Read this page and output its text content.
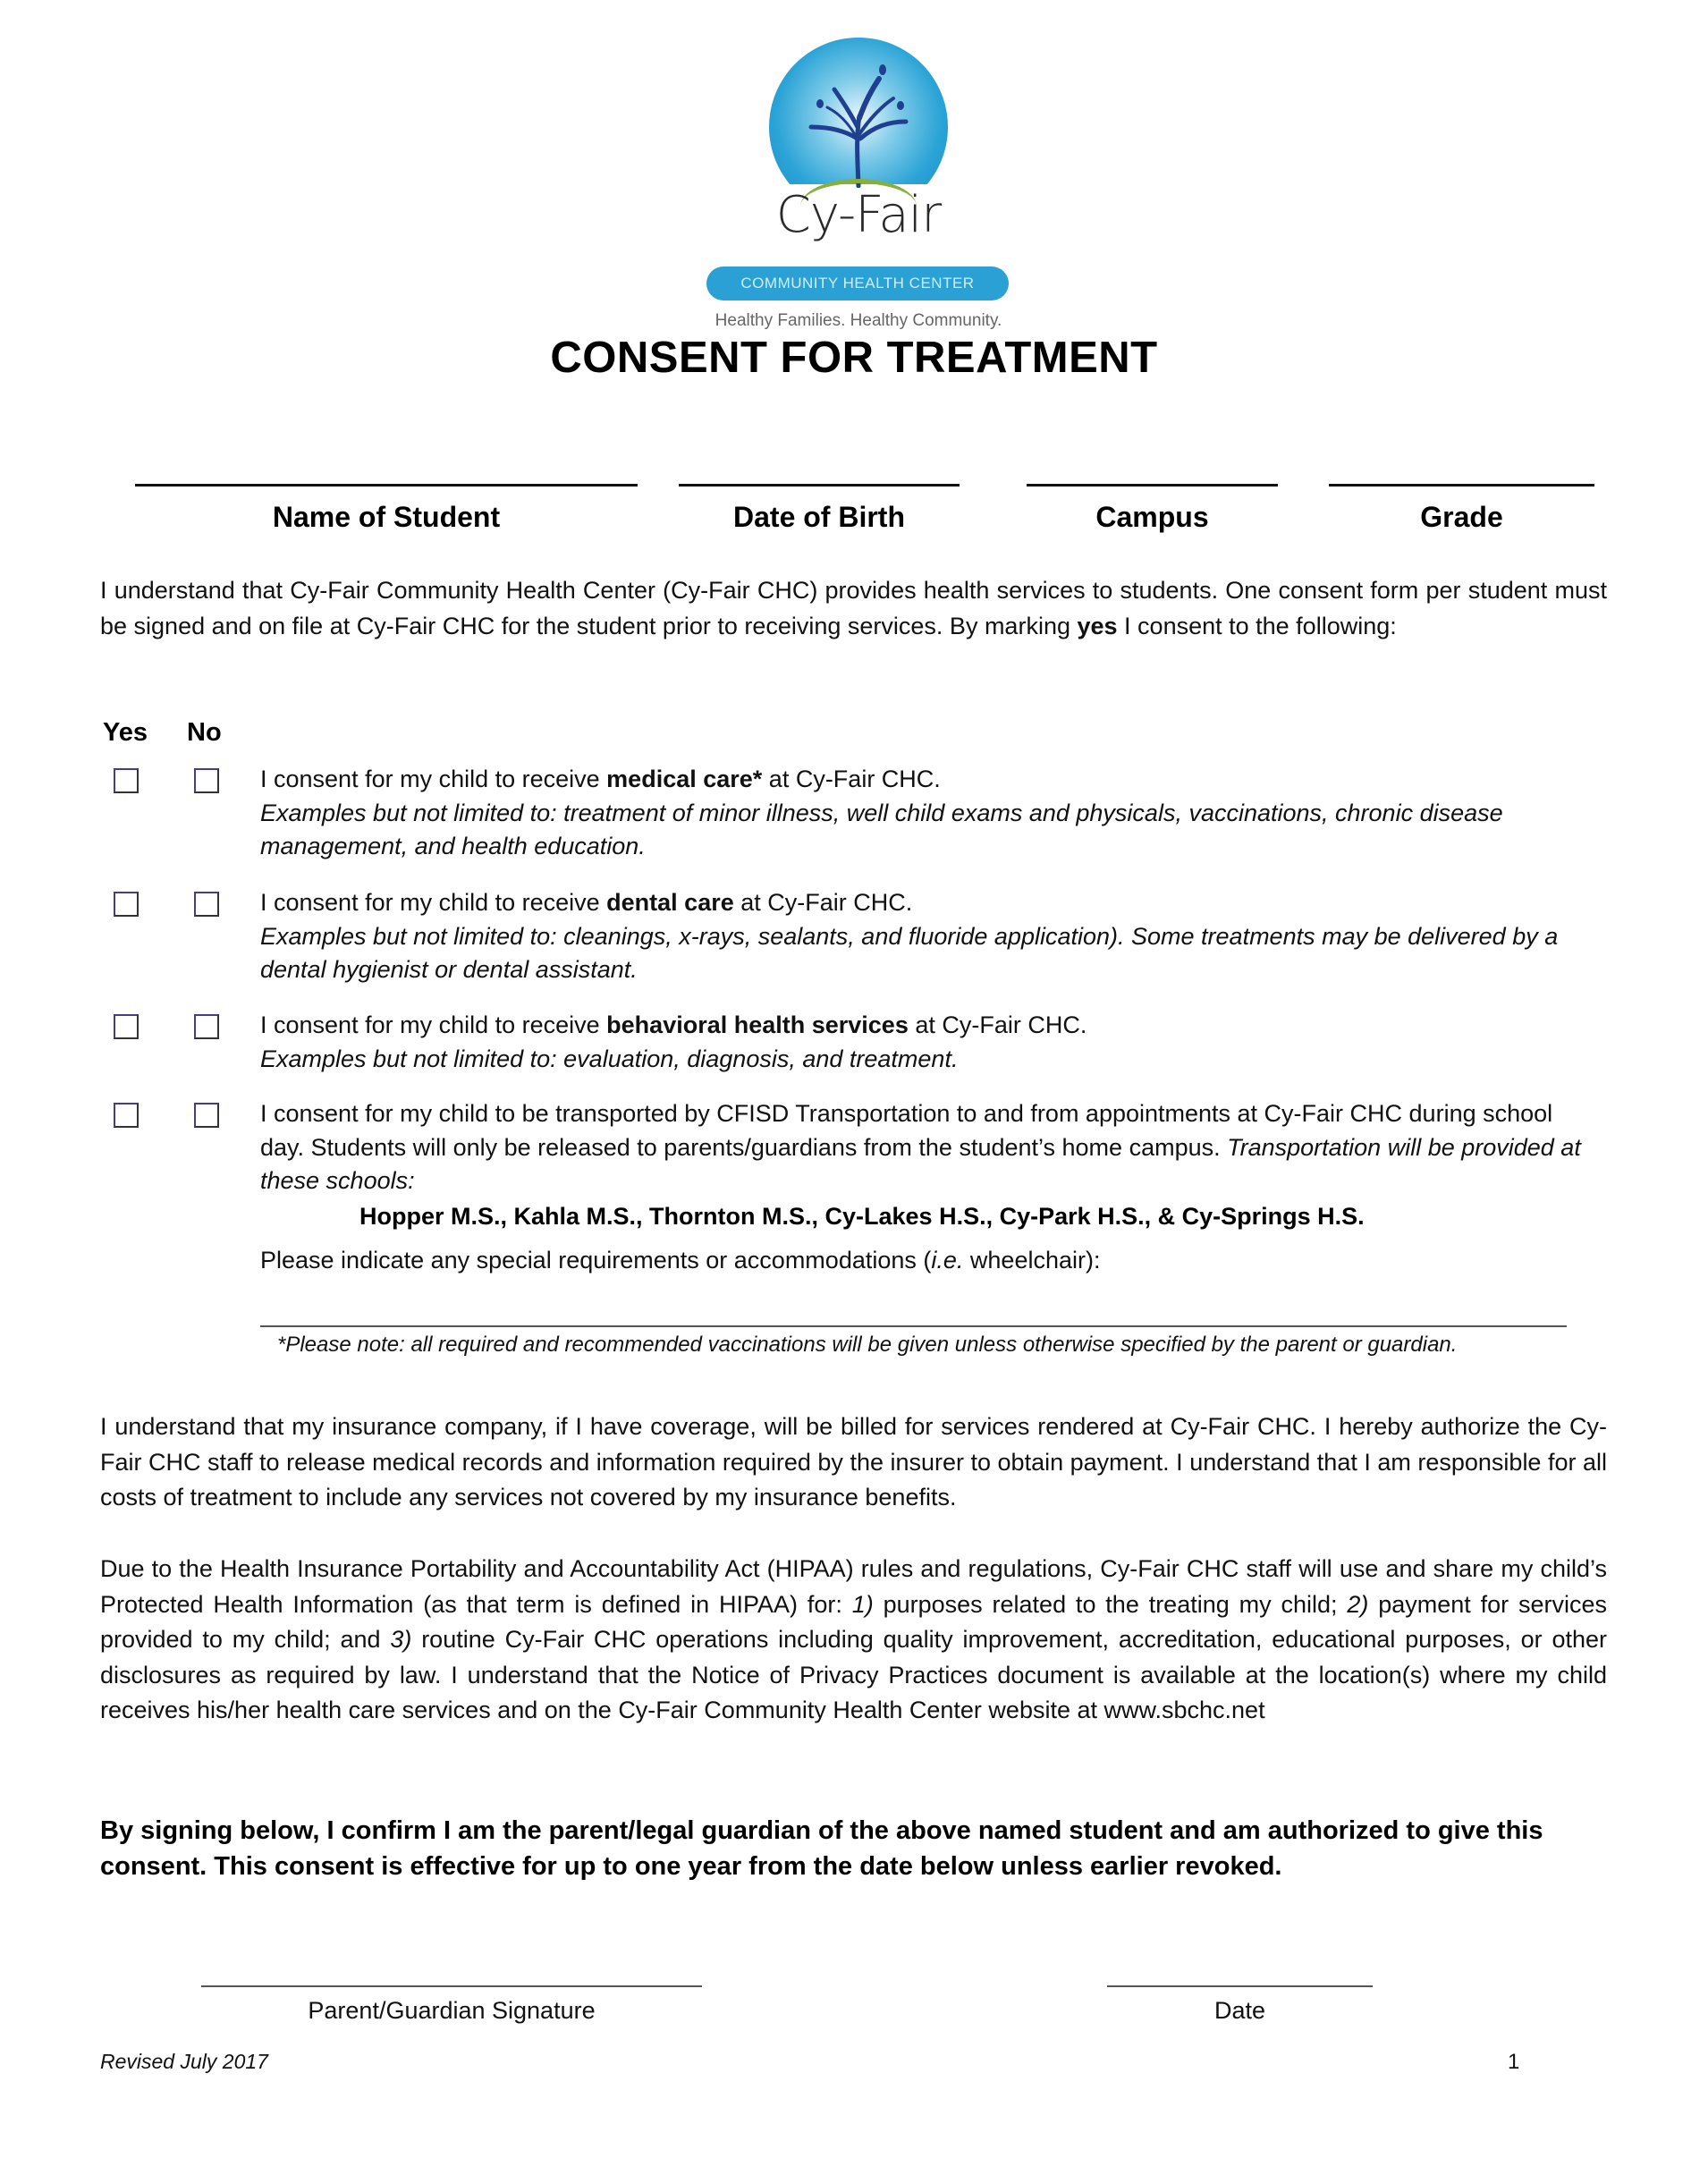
Cy-Fair
COMMUNITY HEALTH CENTER
Healthy Families. Healthy Community.
CONSENT FOR TREATMENT
Name of Student	Date of Birth	Campus	Grade
I understand that Cy-Fair Community Health Center (Cy-Fair CHC) provides health services to students. One consent form per student must be signed and on file at Cy-Fair CHC for the student prior to receiving services. By marking yes I consent to the following:
Yes No
I consent for my child to receive medical care* at Cy-Fair CHC.
Examples but not limited to: treatment of minor illness, well child exams and physicals, vaccinations, chronic disease management, and health education.
I consent for my child to receive dental care at Cy-Fair CHC.
Examples but not limited to: cleanings, x-rays, sealants, and fluoride application). Some treatments may be delivered by a dental hygienist or dental assistant.
I consent for my child to receive behavioral health services at Cy-Fair CHC.
Examples but not limited to: evaluation, diagnosis, and treatment.
I consent for my child to be transported by CFISD Transportation to and from appointments at Cy-Fair CHC during school day. Students will only be released to parents/guardians from the student’s home campus. Transportation will be provided at these schools:
Hopper M.S., Kahla M.S., Thornton M.S., Cy-Lakes H.S., Cy-Park H.S., & Cy-Springs H.S.
Please indicate any special requirements or accommodations (i.e. wheelchair):
*Please note: all required and recommended vaccinations will be given unless otherwise specified by the parent or guardian.
I understand that my insurance company, if I have coverage, will be billed for services rendered at Cy-Fair CHC. I hereby authorize the Cy-Fair CHC staff to release medical records and information required by the insurer to obtain payment. I understand that I am responsible for all costs of treatment to include any services not covered by my insurance benefits.
Due to the Health Insurance Portability and Accountability Act (HIPAA) rules and regulations, Cy-Fair CHC staff will use and share my child’s Protected Health Information (as that term is defined in HIPAA) for: 1) purposes related to the treating my child; 2) payment for services provided to my child; and 3) routine Cy-Fair CHC operations including quality improvement, accreditation, educational purposes, or other disclosures as required by law. I understand that the Notice of Privacy Practices document is available at the location(s) where my child receives his/her health care services and on the Cy-Fair Community Health Center website at www.sbchc.net
By signing below, I confirm I am the parent/legal guardian of the above named student and am authorized to give this consent. This consent is effective for up to one year from the date below unless earlier revoked.
Parent/Guardian Signature	Date
Revised July 2017	1
